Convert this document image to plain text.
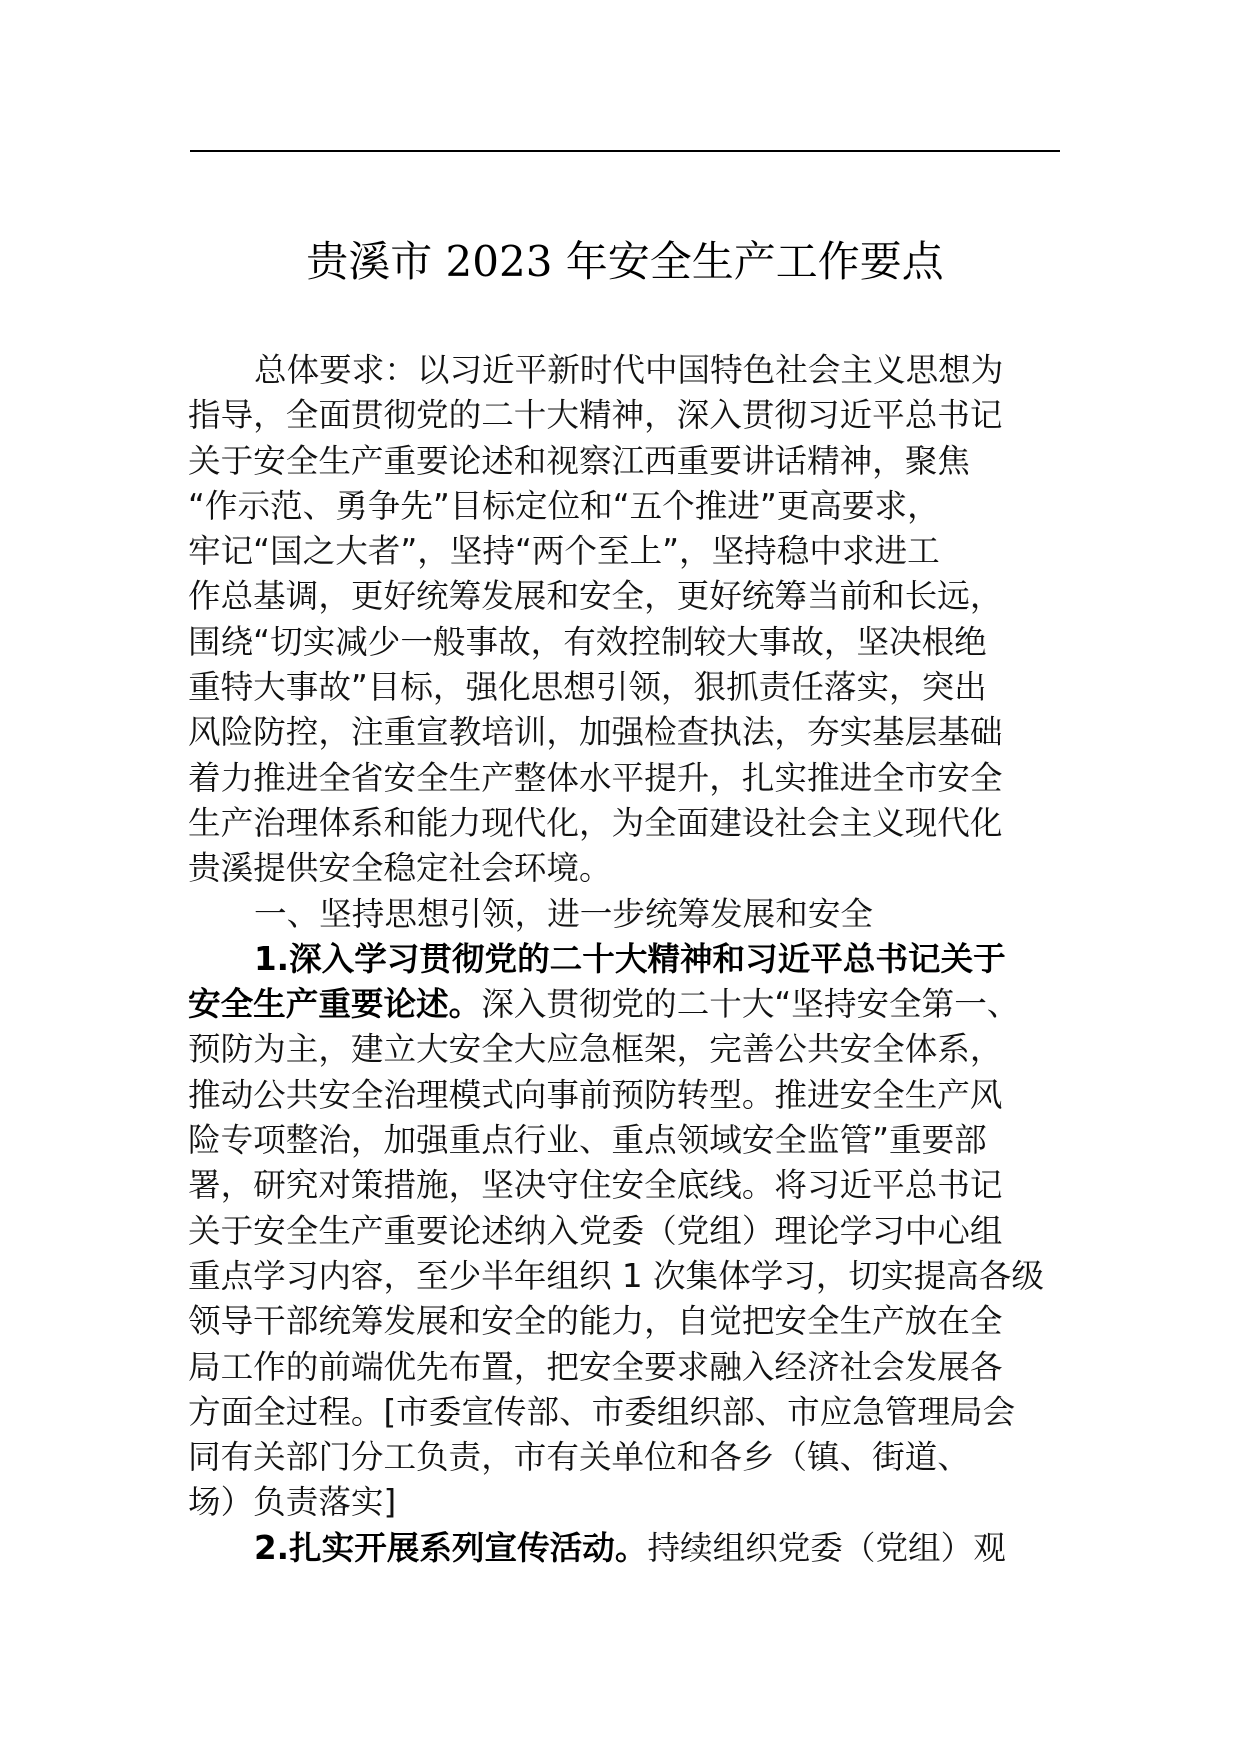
贵溪市 2023 年安全生产工作要点
总体要求：以习近平新时代中国特色社会主义思想为
指导，全面贯彻党的二十大精神，深入贯彻习近平总书记
关于安全生产重要论述和视察江西重要讲话精神，聚焦
“作示范、勇争先”目标定位和“五个推进”更高要求，
牢记“国之大者”，坚持“两个至上”，坚持稳中求进工
作总基调，更好统筹发展和安全，更好统筹当前和长远，
围绕“切实减少一般事故，有效控制较大事故，坚决根绝
重特大事故”目标，强化思想引领，狠抓责任落实，突出
风险防控，注重宣教培训，加强检查执法，夯实基层基础
着力推进全省安全生产整体水平提升，扎实推进全市安全
生产治理体系和能力现代化，为全面建设社会主义现代化
贵溪提供安全稳定社会环境。
一、坚持思想引领，进一步统筹发展和安全
1.深入学习贯彻党的二十大精神和习近平总书记关于
安全生产重要论述。深入贯彻党的二十大“坚持安全第一、
预防为主，建立大安全大应急框架，完善公共安全体系，
推动公共安全治理模式向事前预防转型。推进安全生产风
险专项整治，加强重点行业、重点领域安全监管”重要部
署，研究对策措施，坚决守住安全底线。将习近平总书记
关于安全生产重要论述纳入党委（党组）理论学习中心组
重点学习内容，至少半年组织 1 次集体学习，切实提高各级
领导干部统筹发展和安全的能力，自觉把安全生产放在全
局工作的前端优先布置，把安全要求融入经济社会发展各
方面全过程。[市委宣传部、市委组织部、市应急管理局会
同有关部门分工负责，市有关单位和各乡（镇、街道、
场）负责落实]
2.扎实开展系列宣传活动。持续组织党委（党组）观
